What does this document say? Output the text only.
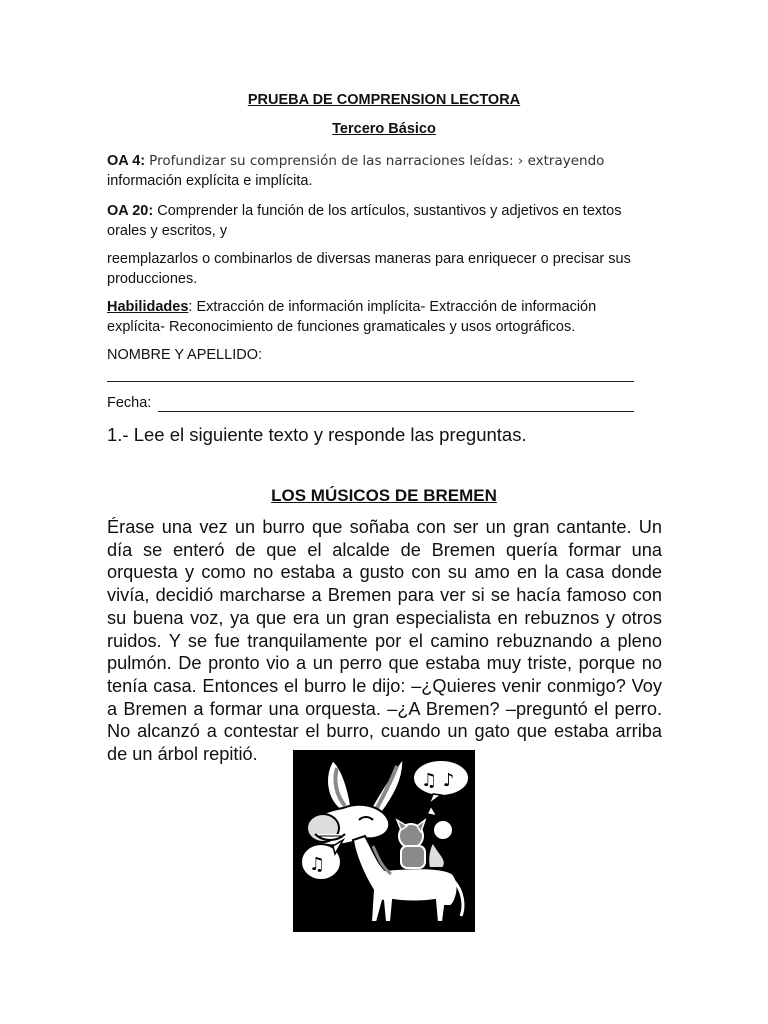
PRUEBA DE COMPRENSION LECTORA
Tercero Básico
OA 4: Profundizar su comprensión de las narraciones leídas: › extrayendo
información explícita e implícita.
OA 20: Comprender la función de los artículos, sustantivos y adjetivos en textos orales y escritos, y
reemplazarlos o combinarlos de diversas maneras para enriquecer o precisar sus producciones.
Habilidades: Extracción de información implícita- Extracción de información explícita- Reconocimiento de funciones gramaticales y usos ortográficos.
NOMBRE Y APELLIDO:
Fecha:
1.- Lee el siguiente texto y responde las preguntas.
LOS MÚSICOS DE BREMEN
Érase una vez un burro que soñaba con ser un gran cantante. Un día se enteró de que el alcalde de Bremen quería formar una orquesta y como no estaba a gusto con su amo en la casa donde vivía, decidió marcharse a Bremen para ver si se hacía famoso con su buena voz, ya que era un gran especialista en rebuznos y otros ruidos. Y se fue tranquilamente por el camino rebuznando a pleno pulmón. De pronto vio a un perro que estaba muy triste, porque no tenía casa. Entonces el burro le dijo: –¿Quieres venir conmigo? Voy a Bremen a formar una orquesta. –¿A Bremen? –preguntó el perro. No alcanzó a contestar el burro, cuando un gato que estaba arriba de un árbol repitió.
♫ ♪
♫
